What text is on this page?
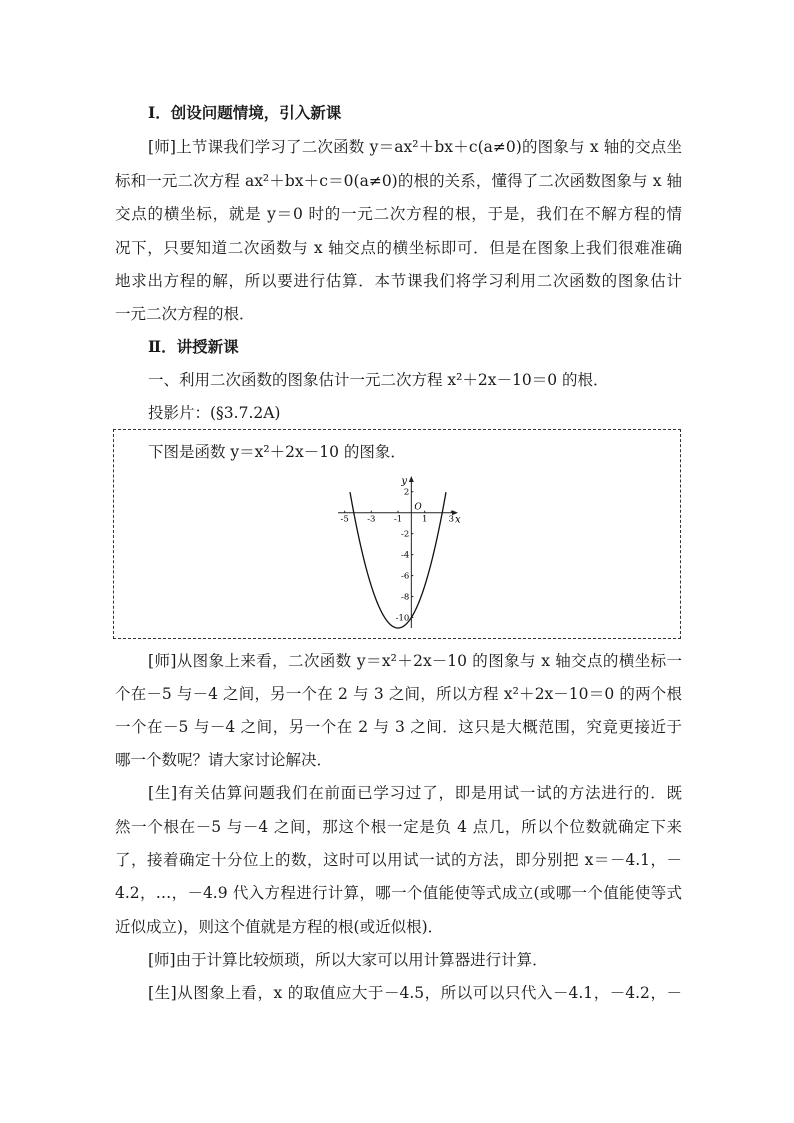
Ⅰ．创设问题情境，引入新课
[师]上节课我们学习了二次函数 y＝ax²＋bx＋c(a≠0)的图象与 x 轴的交点坐
标和一元二次方程 ax²＋bx＋c＝0(a≠0)的根的关系，懂得了二次函数图象与 x 轴
交点的横坐标，就是 y＝0 时的一元二次方程的根，于是，我们在不解方程的情
况下，只要知道二次函数与 x 轴交点的横坐标即可．但是在图象上我们很难准确
地求出方程的解，所以要进行估算．本节课我们将学习利用二次函数的图象估计
一元二次方程的根．
Ⅱ．讲授新课
一、利用二次函数的图象估计一元二次方程 x²＋2x－10＝0 的根．
投影片：(§3.7.2A)
下图是函数 y＝x²＋2x－10 的图象．
x
y
O
-5 -3 -1 1 3
2
-2
-4
-6
-8
-10
[师]从图象上来看，二次函数 y＝x²＋2x－10 的图象与 x 轴交点的横坐标一
个在－5 与－4 之间，另一个在 2 与 3 之间，所以方程 x²＋2x－10＝0 的两个根
一个在－5 与－4 之间，另一个在 2 与 3 之间．这只是大概范围，究竟更接近于
哪一个数呢？请大家讨论解决．
[生]有关估算问题我们在前面已学习过了，即是用试一试的方法进行的．既
然一个根在－5 与－4 之间，那这个根一定是负 4 点几，所以个位数就确定下来
了，接着确定十分位上的数，这时可以用试一试的方法，即分别把 x＝－4.1，－
4.2，…，－4.9 代入方程进行计算，哪一个值能使等式成立(或哪一个值能使等式
近似成立)，则这个值就是方程的根(或近似根)．
[师]由于计算比较烦琐，所以大家可以用计算器进行计算．
[生]从图象上看，x 的取值应大于－4.5，所以可以只代入－4.1，－4.2，－
